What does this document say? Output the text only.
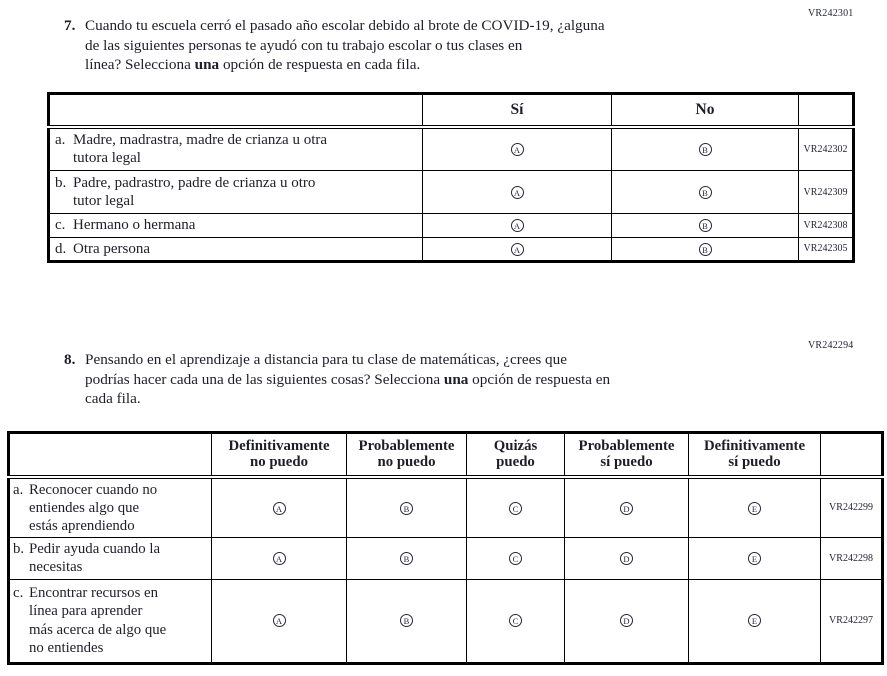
VR242301
7. Cuando tu escuela cerró el pasado año escolar debido al brote de COVID-19, ¿alguna
de las siguientes personas te ayudó con tu trabajo escolar o tus clases en
línea? Selecciona una opción de respuesta en cada fila.
	Sí	No	

a. Madre, madrastra, madre de crianza u otra
tutora legal	A	B	VR242302

b. Padre, padrastro, padre de crianza u otro
tutor legal	A	B	VR242309

c. Hermano o hermana	A	B	VR242308

d. Otra persona	A	B	VR242305
VR242294
8. Pensando en el aprendizaje a distancia para tu clase de matemáticas, ¿crees que
podrías hacer cada una de las siguientes cosas? Selecciona una opción de respuesta en
cada fila.
	Definitivamente
no puedo	Probablemente
no puedo	Quizás
puedo	Probablemente
sí puedo	Definitivamente
sí puedo	

a. Reconocer cuando no
entiendes algo que
estás aprendiendo	A	B	C	D	E	VR242299

b. Pedir ayuda cuando la
necesitas	A	B	C	D	E	VR242298

c. Encontrar recursos en
línea para aprender
más acerca de algo que
no entiendes	A	B	C	D	E	VR242297
